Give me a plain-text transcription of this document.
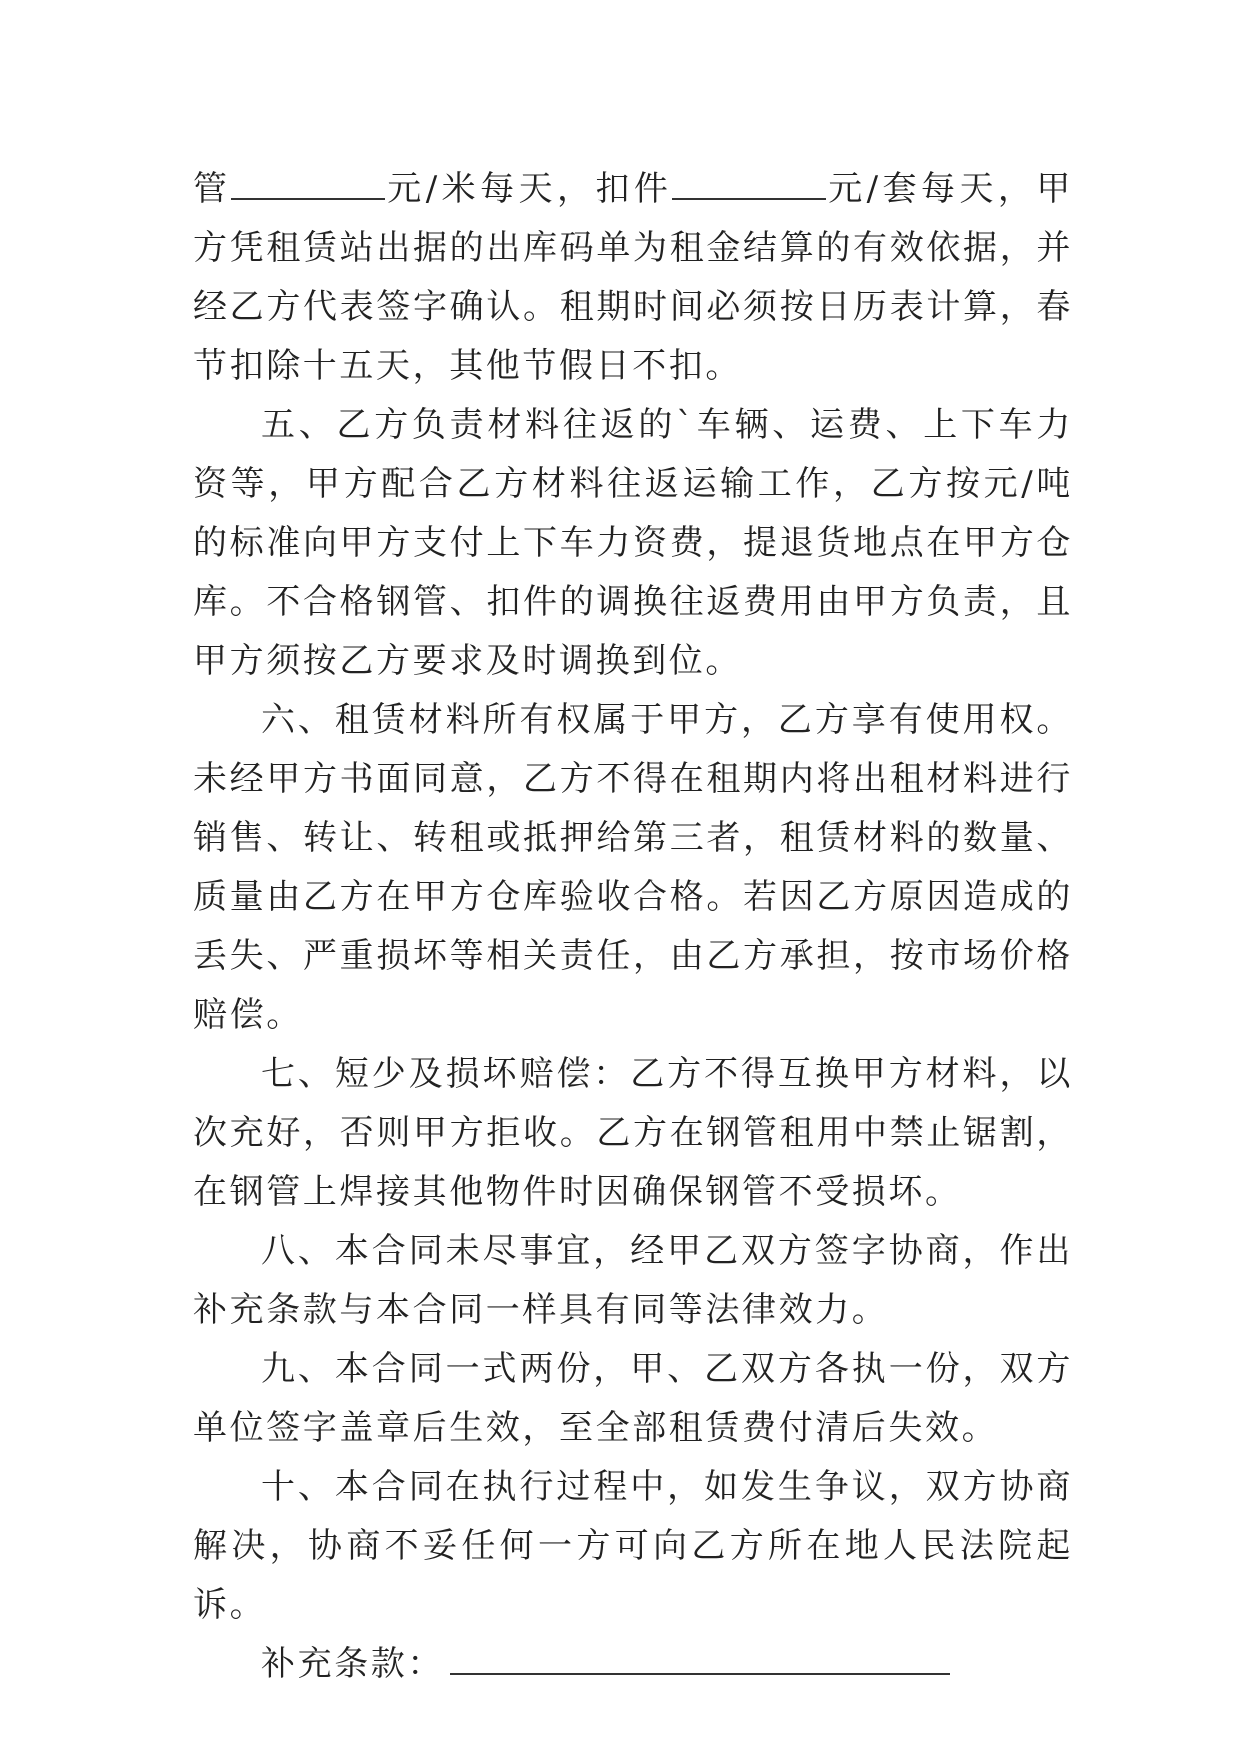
管	元/米每天，扣件	元/套每天，甲方凭租赁站出据的出库码单为租金结算的有效依据，并经乙方代表签字确认。租期时间必须按日历表计算，春节扣除十五天，其他节假日不扣。

五、乙方负责材料往返的`车辆、运费、上下车力资等，甲方配合乙方材料往返运输工作，乙方按元/吨的标准向甲方支付上下车力资费，提退货地点在甲方仓库。不合格钢管、扣件的调换往返费用由甲方负责，且甲方须按乙方要求及时调换到位。

六、租赁材料所有权属于甲方，乙方享有使用权。未经甲方书面同意，乙方不得在租期内将出租材料进行销售、转让、转租或抵押给第三者，租赁材料的数量、质量由乙方在甲方仓库验收合格。若因乙方原因造成的丢失、严重损坏等相关责任，由乙方承担，按市场价格赔偿。

七、短少及损坏赔偿：乙方不得互换甲方材料，以次充好，否则甲方拒收。乙方在钢管租用中禁止锯割，在钢管上焊接其他物件时因确保钢管不受损坏。

八、本合同未尽事宜，经甲乙双方签字协商，作出补充条款与本合同一样具有同等法律效力。

九、本合同一式两份，甲、乙双方各执一份，双方单位签字盖章后生效，至全部租赁费付清后失效。

十、本合同在执行过程中，如发生争议，双方协商解决，协商不妥任何一方可向乙方所在地人民法院起诉。

补充条款：
